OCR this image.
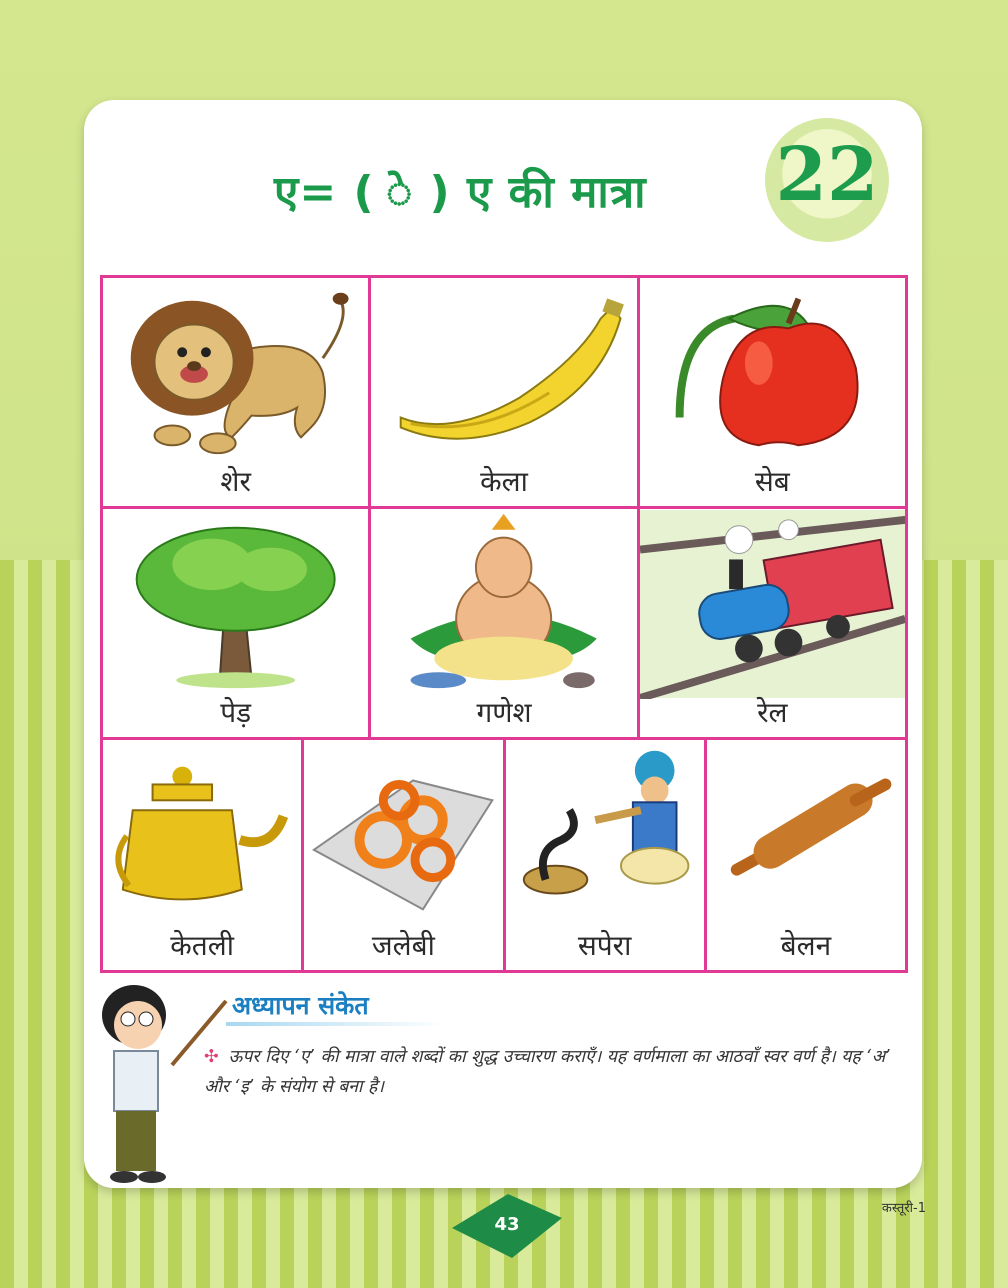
ए= ( े ) ए की मात्रा 22
शेर	केला	सेब
पेड़	गणेश	रेल
केतली	जलेबी	सपेरा	बेलन
अध्यापन संकेत
✣ ऊपर दिए ‘ए’ की मात्रा वाले शब्दों का शुद्ध उच्चारण कराएँ। यह वर्णमाला का आठवाँ स्वर वर्ण है। यह ‘अ’ और ‘इ’ के संयोग से बना है।
43
कस्तूरी-1
